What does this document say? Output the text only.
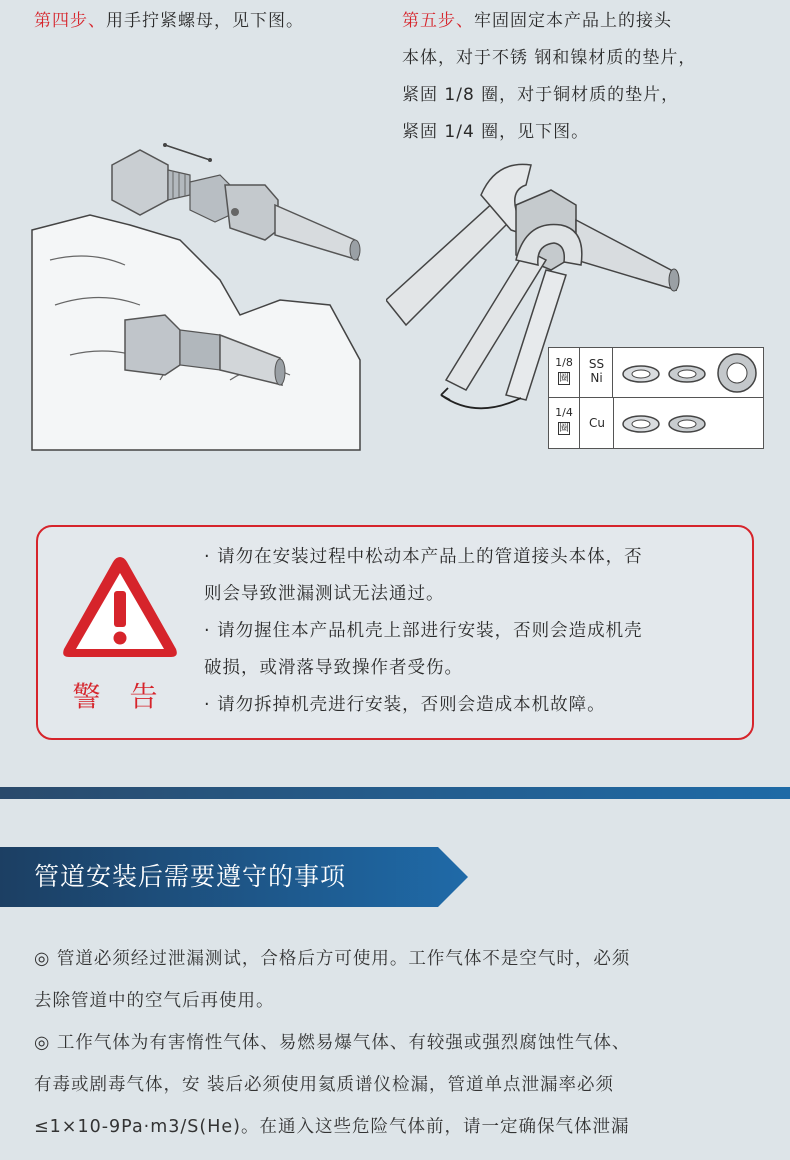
第四步、用手拧紧螺母，见下图。	第五步、牢固固定本产品上的接头
本体，对于不锈 钢和镍材质的垫片，
紧固 1/8 圈，对于铜材质的垫片，
紧固 1/4 圈，见下图。
1/8
圈
SS
Ni
1/4
圈	Cu
警 告
· 请勿在安装过程中松动本产品上的管道接头本体，否
则会导致泄漏测试无法通过。
· 请勿握住本产品机壳上部进行安装，否则会造成机壳
破损，或滑落导致操作者受伤。
· 请勿拆掉机壳进行安装，否则会造成本机故障。
管道安装后需要遵守的事项
◎ 管道必须经过泄漏测试，合格后方可使用。工作气体不是空气时，必须
去除管道中的空气后再使用。
◎ 工作气体为有害惰性气体、易燃易爆气体、有较强或强烈腐蚀性气体、
有毒或剧毒气体，安 装后必须使用氦质谱仪检漏，管道单点泄漏率必须
≤1×10-9Pa·m3/S(He)。在通入这些危险气体前，请一定确保气体泄漏
